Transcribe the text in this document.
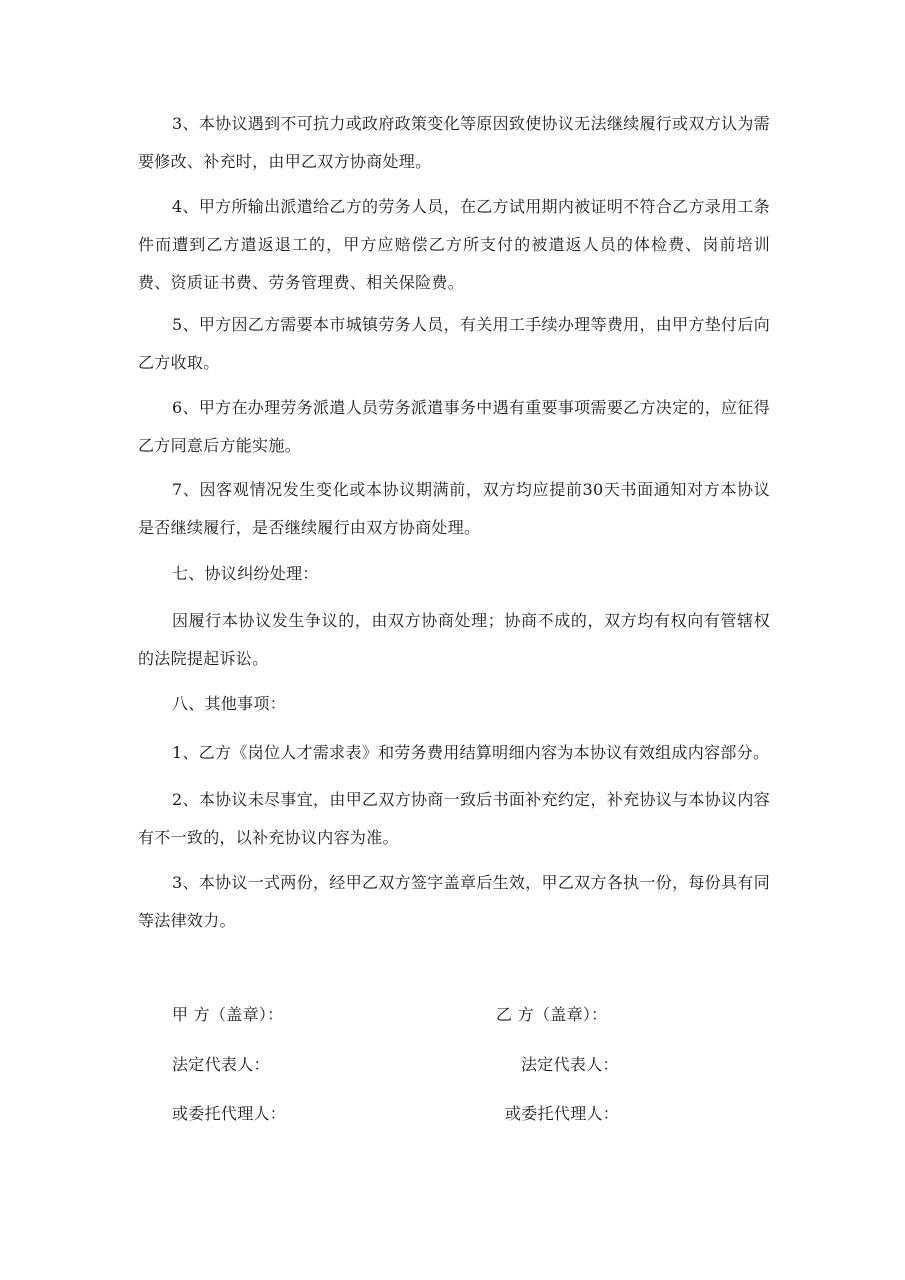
3、本协议遇到不可抗力或政府政策变化等原因致使协议无法继续履行或双方认为需要修改、补充时，由甲乙双方协商处理。

4、甲方所输出派遣给乙方的劳务人员，在乙方试用期内被证明不符合乙方录用工条件而遭到乙方遣返退工的，甲方应赔偿乙方所支付的被遣返人员的体检费、岗前培训费、资质证书费、劳务管理费、相关保险费。

5、甲方因乙方需要本市城镇劳务人员，有关用工手续办理等费用，由甲方垫付后向乙方收取。

6、甲方在办理劳务派遣人员劳务派遣事务中遇有重要事项需要乙方决定的，应征得乙方同意后方能实施。

7、因客观情况发生变化或本协议期满前，双方均应提前30天书面通知对方本协议是否继续履行，是否继续履行由双方协商处理。

七、协议纠纷处理：

因履行本协议发生争议的，由双方协商处理；协商不成的，双方均有权向有管辖权的法院提起诉讼。

八、其他事项：

1、乙方《岗位人才需求表》和劳务费用结算明细内容为本协议有效组成内容部分。

2、本协议未尽事宜，由甲乙双方协商一致后书面补充约定，补充协议与本协议内容有不一致的，以补充协议内容为准。

3、本协议一式两份，经甲乙双方签字盖章后生效，甲乙双方各执一份，每份具有同等法律效力。

甲 方（盖章）：	乙 方（盖章）：
法定代表人：	法定代表人：
或委托代理人：	或委托代理人：
